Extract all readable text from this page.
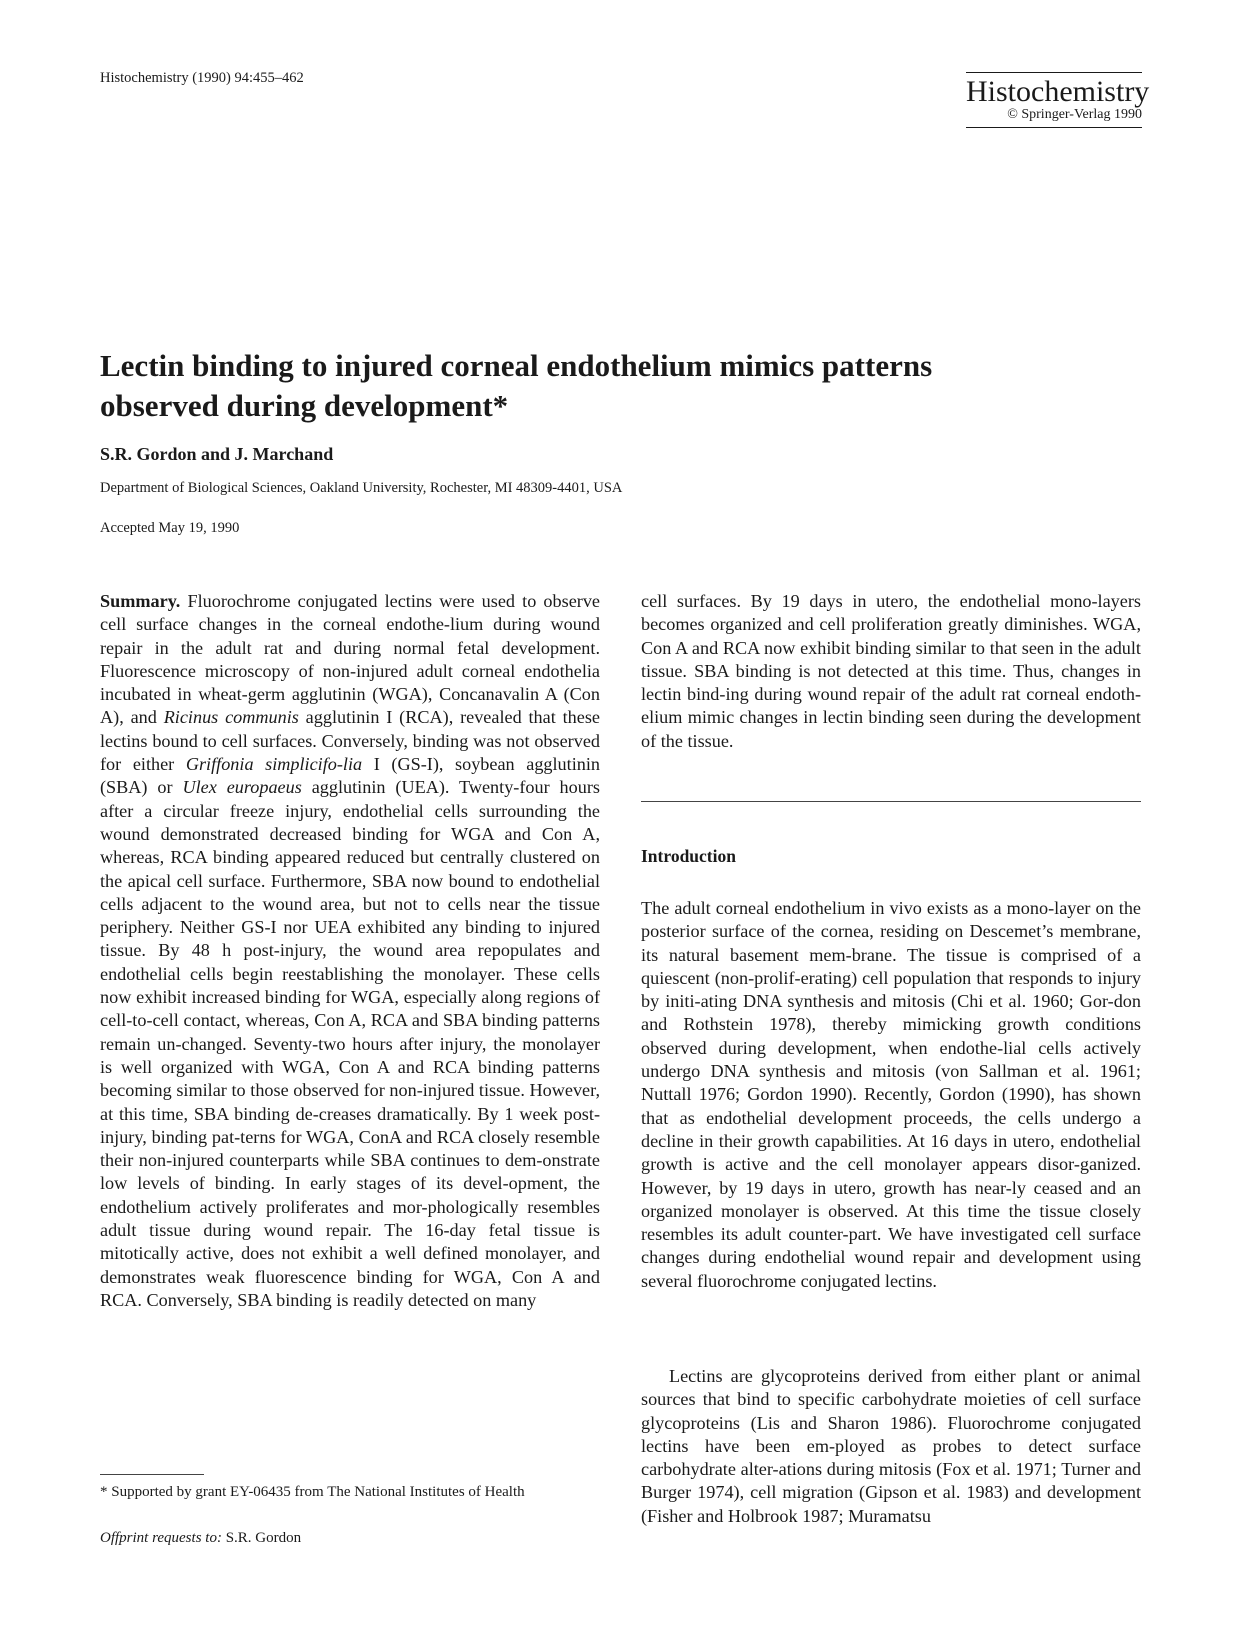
Histochemistry (1990) 94:455–462	Histochemistry
© Springer-Verlag 1990
Lectin binding to injured corneal endothelium mimics patterns observed during development*
S.R. Gordon and J. Marchand
Department of Biological Sciences, Oakland University, Rochester, MI 48309-4401, USA
Accepted May 19, 1990
Summary. Fluorochrome conjugated lectins were used to observe cell surface changes in the corneal endothe-lium during wound repair in the adult rat and during normal fetal development. Fluorescence microscopy of non-injured adult corneal endothelia incubated in wheat-germ agglutinin (WGA), Concanavalin A (Con A), and Ricinus communis agglutinin I (RCA), revealed that these lectins bound to cell surfaces. Conversely, binding was not observed for either Griffonia simplicifo-lia I (GS-I), soybean agglutinin (SBA) or Ulex europaeus agglutinin (UEA). Twenty-four hours after a circular freeze injury, endothelial cells surrounding the wound demonstrated decreased binding for WGA and Con A, whereas, RCA binding appeared reduced but centrally clustered on the apical cell surface. Furthermore, SBA now bound to endothelial cells adjacent to the wound area, but not to cells near the tissue periphery. Neither GS-I nor UEA exhibited any binding to injured tissue. By 48 h post-injury, the wound area repopulates and endothelial cells begin reestablishing the monolayer. These cells now exhibit increased binding for WGA, especially along regions of cell-to-cell contact, whereas, Con A, RCA and SBA binding patterns remain un-changed. Seventy-two hours after injury, the monolayer is well organized with WGA, Con A and RCA binding patterns becoming similar to those observed for non-injured tissue. However, at this time, SBA binding de-creases dramatically. By 1 week post-injury, binding pat-terns for WGA, ConA and RCA closely resemble their non-injured counterparts while SBA continues to dem-onstrate low levels of binding. In early stages of its devel-opment, the endothelium actively proliferates and mor-phologically resembles adult tissue during wound repair. The 16-day fetal tissue is mitotically active, does not exhibit a well defined monolayer, and demonstrates weak fluorescence binding for WGA, Con A and RCA. Conversely, SBA binding is readily detected on many
cell surfaces. By 19 days in utero, the endothelial mono-layers becomes organized and cell proliferation greatly diminishes. WGA, Con A and RCA now exhibit binding similar to that seen in the adult tissue. SBA binding is not detected at this time. Thus, changes in lectin bind-ing during wound repair of the adult rat corneal endoth-elium mimic changes in lectin binding seen during the development of the tissue.
Introduction
The adult corneal endothelium in vivo exists as a mono-layer on the posterior surface of the cornea, residing on Descemet’s membrane, its natural basement mem-brane. The tissue is comprised of a quiescent (non-prolif-erating) cell population that responds to injury by initi-ating DNA synthesis and mitosis (Chi et al. 1960; Gor-don and Rothstein 1978), thereby mimicking growth conditions observed during development, when endothe-lial cells actively undergo DNA synthesis and mitosis (von Sallman et al. 1961; Nuttall 1976; Gordon 1990). Recently, Gordon (1990), has shown that as endothelial development proceeds, the cells undergo a decline in their growth capabilities. At 16 days in utero, endothelial growth is active and the cell monolayer appears disor-ganized. However, by 19 days in utero, growth has near-ly ceased and an organized monolayer is observed. At this time the tissue closely resembles its adult counter-part. We have investigated cell surface changes during endothelial wound repair and development using several fluorochrome conjugated lectins.
Lectins are glycoproteins derived from either plant or animal sources that bind to specific carbohydrate moieties of cell surface glycoproteins (Lis and Sharon 1986). Fluorochrome conjugated lectins have been em-ployed as probes to detect surface carbohydrate alter-ations during mitosis (Fox et al. 1971; Turner and Burger 1974), cell migration (Gipson et al. 1983) and development (Fisher and Holbrook 1987; Muramatsu
* Supported by grant EY-06435 from The National Institutes of Health
Offprint requests to: S.R. Gordon
